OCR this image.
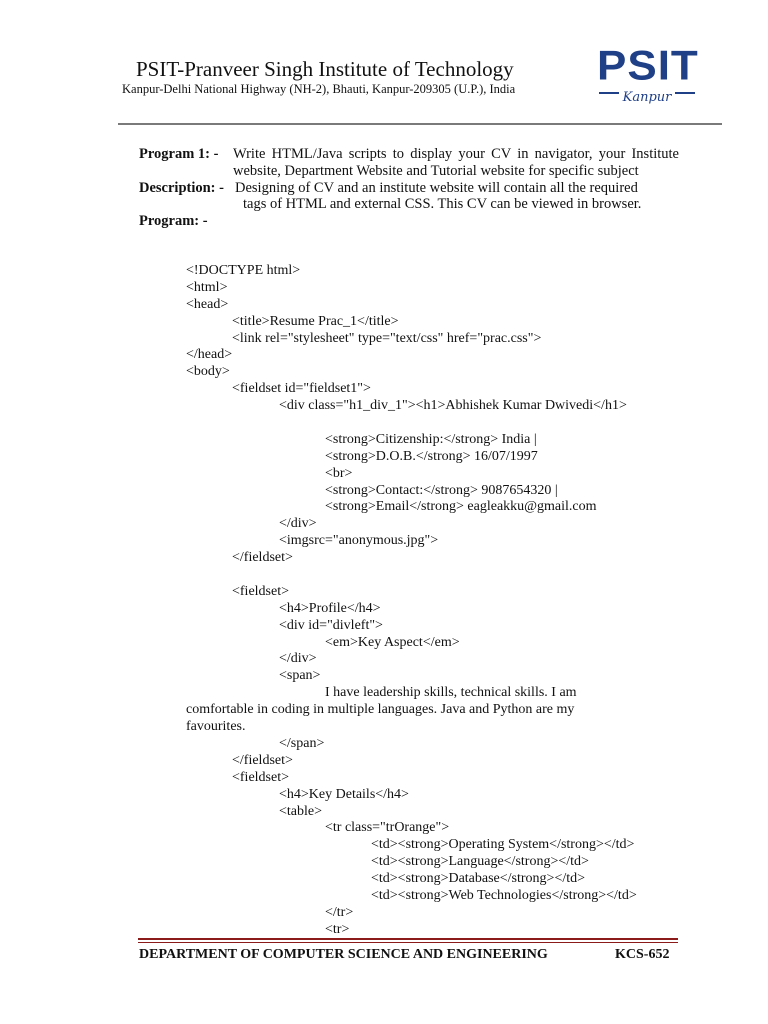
PSIT-Pranveer Singh Institute of Technology
Kanpur-Delhi National Highway (NH-2), Bhauti, Kanpur-209305 (U.P.), India
PSIT
Kanpur
Program 1: - Write HTML/Java scripts to display your CV in navigator, your Institute website, Department Website and Tutorial website for specific subject
Description: - Designing of CV and an institute website will contain all the required
tags of HTML and external CSS. This CV can be viewed in browser.
Program: -
<!DOCTYPE html>
<html>
<head>
<title>Resume Prac_1</title>
<link rel="stylesheet" type="text/css" href="prac.css">
</head>
<body>
<fieldset id="fieldset1">
<div class="h1_div_1"><h1>Abhishek Kumar Dwivedi</h1>
<strong>Citizenship:</strong> India |
<strong>D.O.B.</strong> 16/07/1997
<br>
<strong>Contact:</strong> 9087654320 |
<strong>Email</strong> eagleakku@gmail.com
</div>
<imgsrc="anonymous.jpg">
</fieldset>
<fieldset>
<h4>Profile</h4>
<div id="divleft">
<em>Key Aspect</em>
</div>
<span>
I have leadership skills, technical skills. I am
comfortable in coding in multiple languages. Java and Python are my
favourites.
</span>
</fieldset>
<fieldset>
<h4>Key Details</h4>
<table>
<tr class="trOrange">
<td><strong>Operating System</strong></td>
<td><strong>Language</strong></td>
<td><strong>Database</strong></td>
<td><strong>Web Technologies</strong></td>
</tr>
<tr>
DEPARTMENT OF COMPUTER SCIENCE AND ENGINEERING	KCS-652
